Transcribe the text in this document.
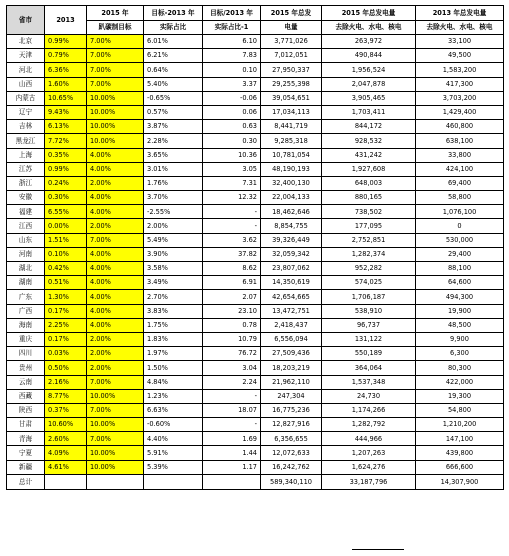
省市	2013	2015 年	目标-2013 年	目标/2013 年	2015 年总发	2015 年总发电量	2013 年总发电量
		趴碳制目标	实际占比	实际占比-1	电量	去除火电、水电、核电	去除火电、水电、核电
北京	0.99%	7.00%	6.01%	6.10	3,771,026	263,972	33,100
天津	0.79%	7.00%	6.21%	7.83	7,012,051	490,844	49,500
河北	6.36%	7.00%	0.64%	0.10	27,950,337	1,956,524	1,583,200
山西	1.60%	7.00%	5.40%	3.37	29,255,398	2,047,878	417,300
内蒙古	10.65%	10.00%	-0.65%	-0.06	39,054,651	3,905,465	3,703,200
辽宁	9.43%	10.00%	0.57%	0.06	17,034,113	1,703,411	1,429,400
吉林	6.13%	10.00%	3.87%	0.63	8,441,719	844,172	460,800
黑龙江	7.72%	10.00%	2.28%	0.30	9,285,318	928,532	638,100
上海	0.35%	4.00%	3.65%	10.36	10,781,054	431,242	33,800
江苏	0.99%	4.00%	3.01%	3.05	48,190,193	1,927,608	424,100
浙江	0.24%	2.00%	1.76%	7.31	32,400,130	648,003	69,400
安徽	0.30%	4.00%	3.70%	12.32	22,004,133	880,165	58,800
福建	6.55%	4.00%	-2.55%	-	18,462,646	738,502	1,076,100
江西	0.00%	2.00%	2.00%	-	8,854,755	177,095	0
山东	1.51%	7.00%	5.49%	3.62	39,326,449	2,752,851	530,000
河南	0.10%	4.00%	3.90%	37.82	32,059,342	1,282,374	29,400
湖北	0.42%	4.00%	3.58%	8.62	23,807,062	952,282	88,100
湖南	0.51%	4.00%	3.49%	6.91	14,350,619	574,025	64,600
广东	1.30%	4.00%	2.70%	2.07	42,654,665	1,706,187	494,300
广西	0.17%	4.00%	3.83%	23.10	13,472,751	538,910	19,900
海南	2.25%	4.00%	1.75%	0.78	2,418,437	96,737	48,500
重庆	0.17%	2.00%	1.83%	10.79	6,556,094	131,122	9,900
四川	0.03%	2.00%	1.97%	76.72	27,509,436	550,189	6,300
贵州	0.50%	2.00%	1.50%	3.04	18,203,219	364,064	80,300
云南	2.16%	7.00%	4.84%	2.24	21,962,110	1,537,348	422,000
西藏	8.77%	10.00%	1.23%	-	247,304	24,730	19,300
陕西	0.37%	7.00%	6.63%	18.07	16,775,236	1,174,266	54,800
甘肃	10.60%	10.00%	-0.60%	-	12,827,916	1,282,792	1,210,200
青海	2.60%	7.00%	4.40%	1.69	6,356,655	444,966	147,100
宁夏	4.09%	10.00%	5.91%	1.44	12,072,633	1,207,263	439,800
新疆	4.61%	10.00%	5.39%	1.17	16,242,762	1,624,276	666,600
总计					589,340,110	33,187,796	14,307,900
